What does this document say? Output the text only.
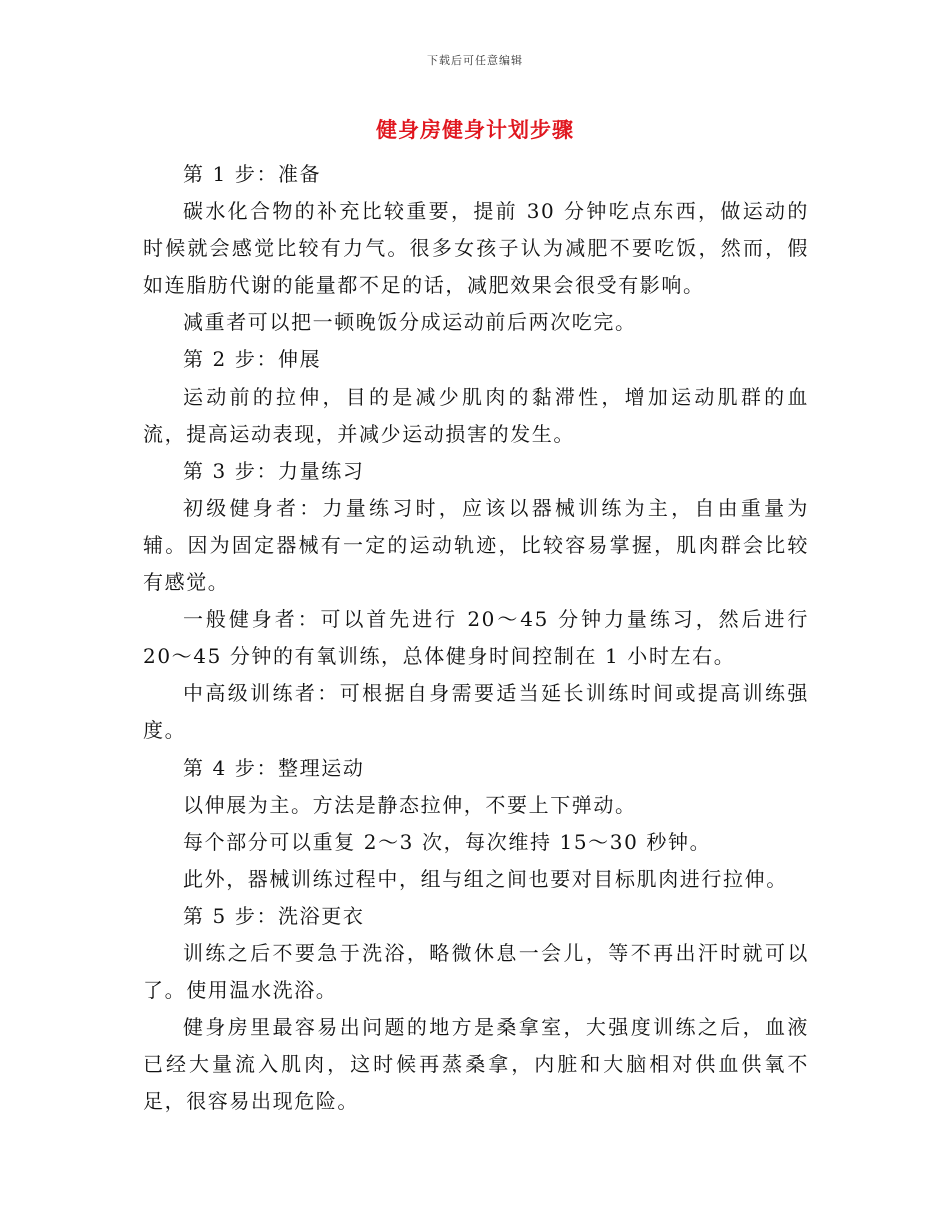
下载后可任意编辑
健身房健身计划步骤

第 1 步：准备

碳水化合物的补充比较重要，提前 30 分钟吃点东西，做运动的时候就会感觉比较有力气。很多女孩子认为减肥不要吃饭，然而，假如连脂肪代谢的能量都不足的话，减肥效果会很受有影响。

减重者可以把一顿晚饭分成运动前后两次吃完。

第 2 步：伸展

运动前的拉伸，目的是减少肌肉的黏滞性，增加运动肌群的血流，提高运动表现，并减少运动损害的发生。

第 3 步：力量练习

初级健身者：力量练习时，应该以器械训练为主，自由重量为辅。因为固定器械有一定的运动轨迹，比较容易掌握，肌肉群会比较有感觉。

一般健身者：可以首先进行 20～45 分钟力量练习，然后进行 20～45 分钟的有氧训练，总体健身时间控制在 1 小时左右。

中高级训练者：可根据自身需要适当延长训练时间或提高训练强度。

第 4 步：整理运动

以伸展为主。方法是静态拉伸，不要上下弹动。

每个部分可以重复 2～3 次，每次维持 15～30 秒钟。

此外，器械训练过程中，组与组之间也要对目标肌肉进行拉伸。

第 5 步：洗浴更衣

训练之后不要急于洗浴，略微休息一会儿，等不再出汗时就可以了。使用温水洗浴。

健身房里最容易出问题的地方是桑拿室，大强度训练之后，血液已经大量流入肌肉，这时候再蒸桑拿，内脏和大脑相对供血供氧不足，很容易出现危险。
